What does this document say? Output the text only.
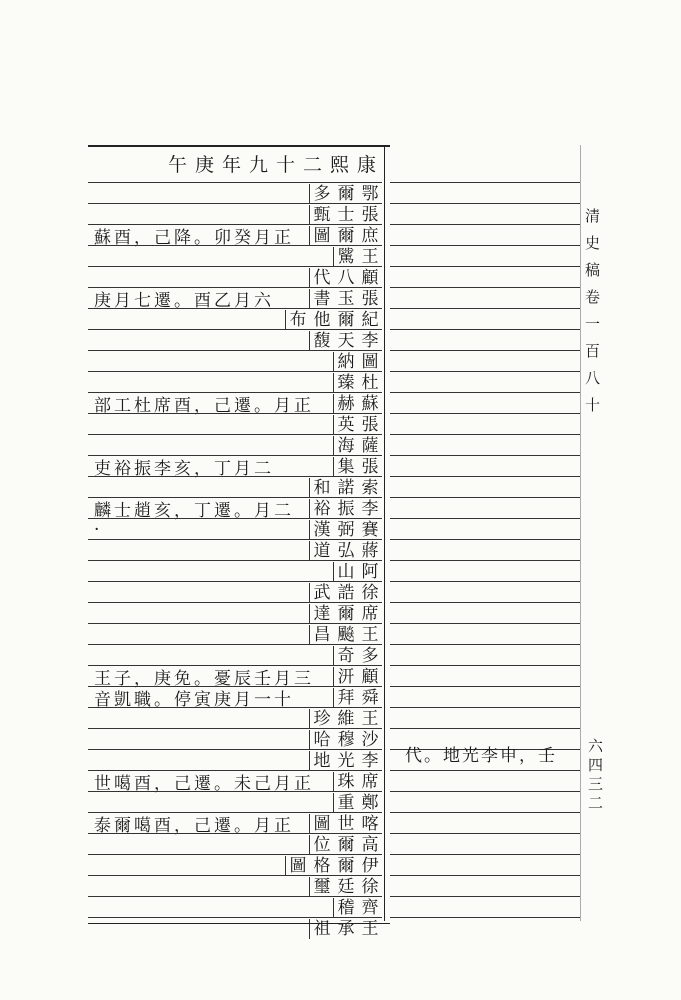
午庚年九十二熙康
鄂
爾
多
張
士
甄
庶
爾
圖
蘇酉，己降。卯癸月正
王
騭
顧
八
代
張
玉
書
庚月七遷。酉乙月六
紀
爾
他
布
李
天
馥
圖
納
杜
臻
蘇
赫
部工杜席酉，己遷。月正
張
英
薩
海
張
集
吏裕振李亥，丁月二
索
諾
和
李
振
裕
麟士趙亥，丁遷。月二
賽
弼
漢
·
蔣
弘
道
阿
山
徐
誥
武
席
爾
達
王
飈
昌
多
奇
顧
汧
王子，庚免。憂辰壬月三
舜
拜
音凱職。停寅庚月一十
王
維
珍
沙
穆
哈
李
光
地
席
珠
世噶酉，己遷。未己月正
鄭
重
喀
世
圖
泰爾噶酉，己遷。月正
高
爾
位
伊
爾
格
圖
徐
廷
璽
齊
稽
王
承
祖
代。地光李申，壬
清史稿卷一百八十
六四三二
